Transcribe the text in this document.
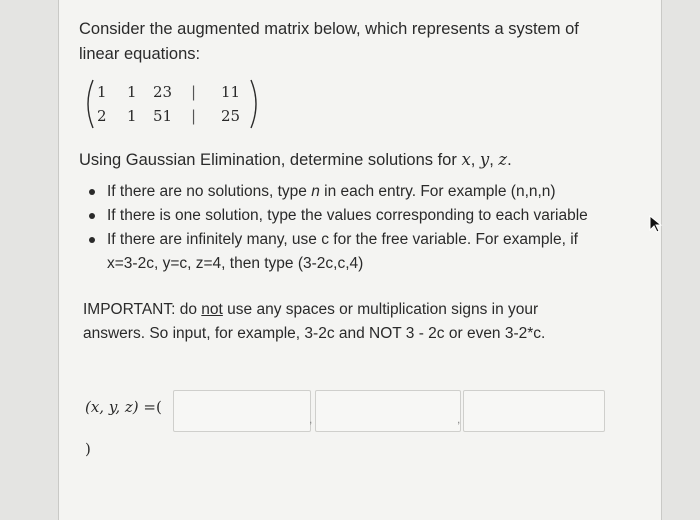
Consider the augmented matrix below, which represents a system of linear equations:
1 1 23 | 11
2 1 51 | 25
Using Gaussian Elimination, determine solutions for x, y, z.
If there are no solutions, type n in each entry. For example (n,n,n)
If there is one solution, type the values corresponding to each variable
If there are infinitely many, use c for the free variable. For example, if
x=3-2c, y=c, z=4, then type (3-2c,c,4)
IMPORTANT: do not use any spaces or multiplication signs in your answers. So input, for example, 3-2c and NOT 3 - 2c or even 3-2*c.
(x, y, z) =(
,	,
)
